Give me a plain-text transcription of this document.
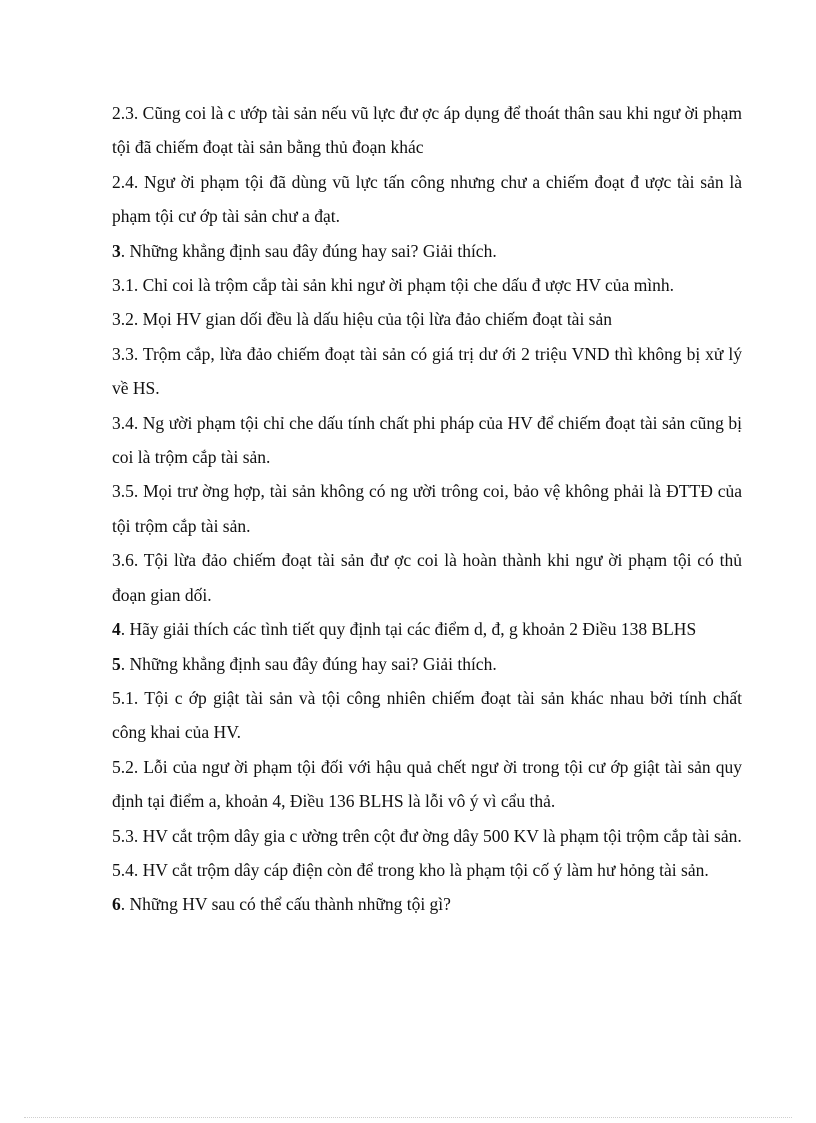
2.3. Cũng coi là c ướp tài sản nếu vũ lực đư ợc áp dụng để thoát thân sau khi ngư ời phạm tội đã chiếm đoạt tài sản bằng thủ đoạn khác

2.4. Ngư ời phạm tội đã dùng vũ lực tấn công nhưng chư a chiếm đoạt đ ược tài sản là phạm tội cư ớp tài sản chư a đạt.

3. Những khẳng định sau đây đúng hay sai? Giải thích.

3.1. Chỉ coi là trộm cắp tài sản khi ngư ời phạm tội che dấu đ ược HV của mình.

3.2. Mọi HV gian dối đều là dấu hiệu của tội lừa đảo chiếm đoạt tài sản

3.3. Trộm cắp, lừa đảo chiếm đoạt tài sản có giá trị dư ới 2 triệu VND thì không bị xử lý về HS.

3.4. Ng ười phạm tội chỉ che dấu tính chất phi pháp của HV để chiếm đoạt tài sản cũng bị coi là trộm cắp tài sản.

3.5. Mọi trư ờng hợp, tài sản không có ng ười trông coi, bảo vệ không phải là ĐTTĐ của tội trộm cắp tài sản.

3.6. Tội lừa đảo chiếm đoạt tài sản đư ợc coi là hoàn thành khi ngư ời phạm tội có thủ đoạn gian dối.

4. Hãy giải thích các tình tiết quy định tại các điểm d, đ, g khoản 2 Điều 138 BLHS

5. Những khẳng định sau đây đúng hay sai? Giải thích.

5.1. Tội c ớp giật tài sản và tội công nhiên chiếm đoạt tài sản khác nhau bởi tính chất công khai của HV.

5.2. Lỗi của ngư ời phạm tội đối với hậu quả chết ngư ời trong tội cư ớp giật tài sản quy định tại điểm a, khoản 4, Điều 136 BLHS là lỗi vô ý vì cẩu thả.

5.3. HV cắt trộm dây gia c ường trên cột đư ờng dây 500 KV là phạm tội trộm cắp tài sản.

5.4. HV cắt trộm dây cáp điện còn để trong kho là phạm tội cố ý làm hư hỏng tài sản.

6. Những HV sau có thể cấu thành những tội gì?
